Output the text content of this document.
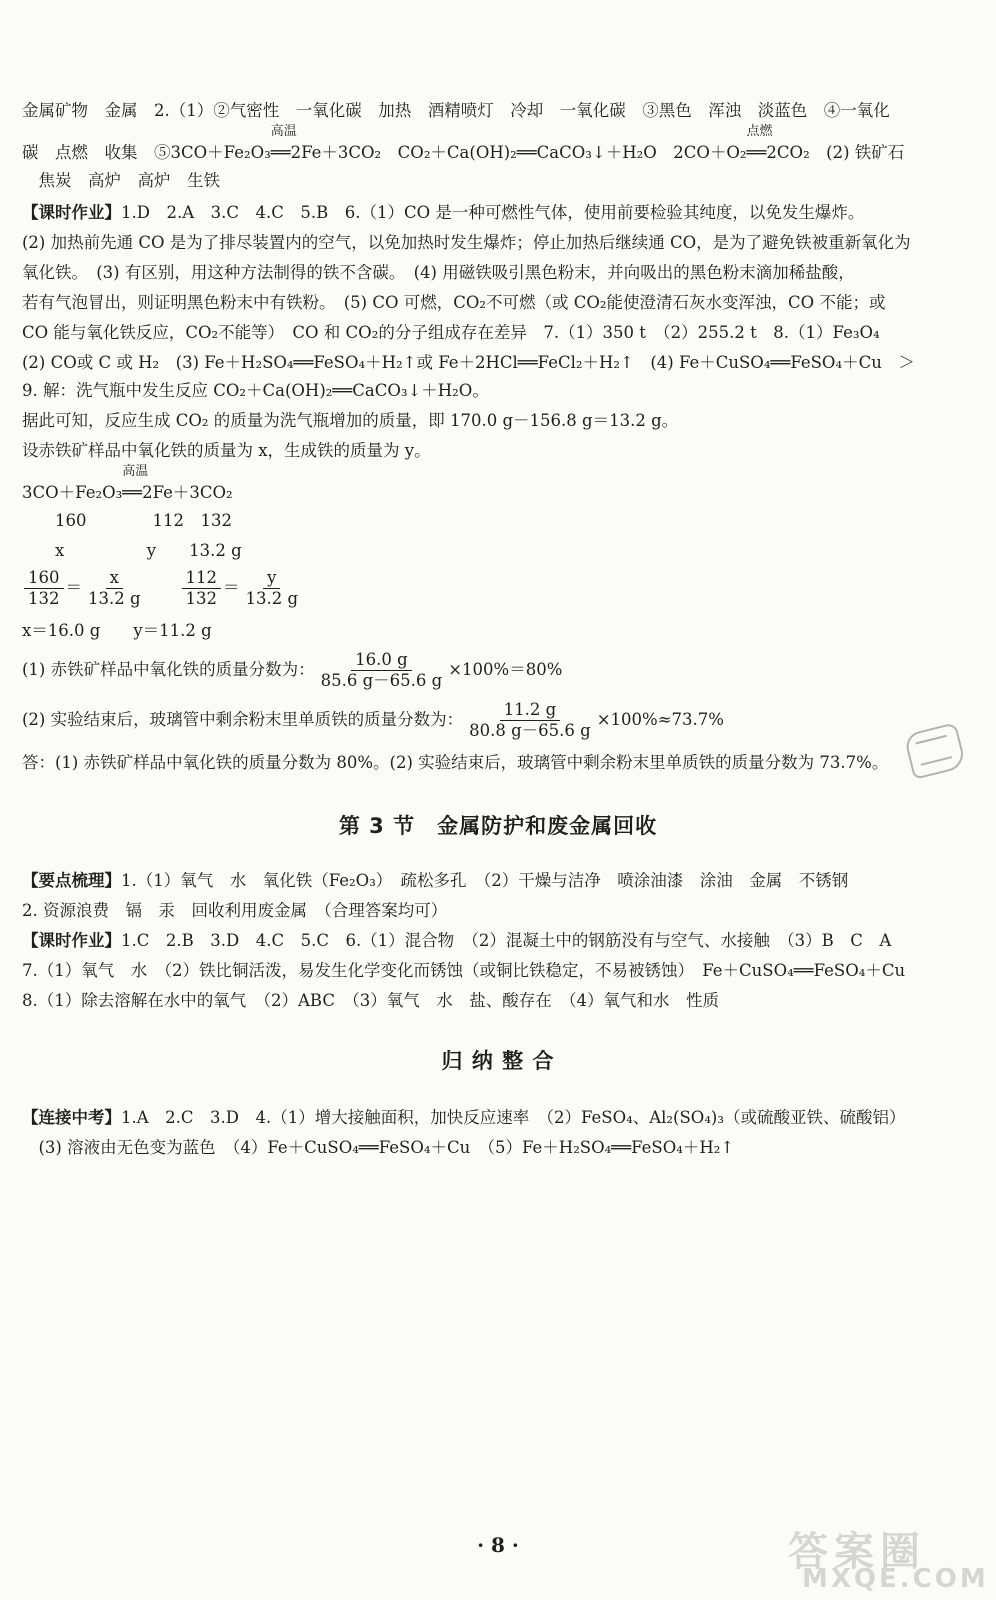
金属矿物　金属　2.（1）②气密性　一氧化碳　加热　酒精喷灯　冷却　一氧化碳　③黑色　浑浊　淡蓝色　④一氧化
碳　点燃　收集　⑤3CO＋Fe₂O₃
高温
══2Fe＋3CO₂　CO₂＋Ca(OH)₂══CaCO₃↓＋H₂O　2CO＋O₂
点燃
══2CO₂　(2) 铁矿石
　焦炭　高炉　高炉　生铁
【课时作业】1.D　2.A　3.C　4.C　5.B　6.（1）CO 是一种可燃性气体，使用前要检验其纯度，以免发生爆炸。
(2) 加热前先通 CO 是为了排尽装置内的空气，以免加热时发生爆炸；停止加热后继续通 CO，是为了避免铁被重新氧化为
氧化铁。　(3) 有区别，用这种方法制得的铁不含碳。　(4) 用磁铁吸引黑色粉末，并向吸出的黑色粉末滴加稀盐酸，
若有气泡冒出，则证明黑色粉末中有铁粉。　(5) CO 可燃，CO₂不可燃（或 CO₂能使澄清石灰水变浑浊，CO 不能；或
CO 能与氧化铁反应，CO₂不能等）　CO 和 CO₂的分子组成存在差异　7.（1）350 t　（2）255.2 t　8.（1）Fe₃O₄
(2) CO或 C 或 H₂　(3) Fe＋H₂SO₄══FeSO₄＋H₂↑或 Fe＋2HCl══FeCl₂＋H₂↑　(4) Fe＋CuSO₄══FeSO₄＋Cu　＞
9. 解：洗气瓶中发生反应 CO₂＋Ca(OH)₂══CaCO₃↓＋H₂O。
据此可知，反应生成 CO₂ 的质量为洗气瓶增加的质量，即 170.0 g－156.8 g＝13.2 g。
设赤铁矿样品中氧化铁的质量为 x，生成铁的质量为 y。
3CO＋Fe₂O₃
高温
══2Fe＋3CO₂
　　160　　　　112　132
　　x　　　　　y　　13.2 g
$\frac{160}{132} = \frac{x}{13.2 g}$
　　 $\frac{112}{132} = \frac{y}{13.2 g}$
x＝16.0 g　　y＝11.2 g
(1) 赤铁矿样品中氧化铁的质量分数为： $\frac{16.0 g}{85.6 g-65.6 g} \times 100\%=80\%$
(2) 实验结束后，玻璃管中剩余粉末里单质铁的质量分数为： $\frac{11.2 g}{80.8 g-65.6 g} \times 100\%\approx 73.7\%$
答：(1) 赤铁矿样品中氧化铁的质量分数为 80%。(2) 实验结束后，玻璃管中剩余粉末里单质铁的质量分数为 73.7%。
第 3 节　金属防护和废金属回收
【要点梳理】1.（1）氧气　水　氧化铁（Fe₂O₃）　疏松多孔　（2）干燥与洁净　喷涂油漆　涂油　金属　不锈钢
2. 资源浪费　镉　汞　回收利用废金属　（合理答案均可）
【课时作业】1.C　2.B　3.D　4.C　5.C　6.（1）混合物　（2）混凝土中的钢筋没有与空气、水接触　（3）B　C　A
7.（1）氧气　水　（2）铁比铜活泼，易发生化学变化而锈蚀（或铜比铁稳定，不易被锈蚀）　Fe＋CuSO₄══FeSO₄＋Cu
8.（1）除去溶解在水中的氧气　（2）ABC　（3）氧气　水　盐、酸存在　（4）氧气和水　性质
归 纳 整 合
【连接中考】1.A　2.C　3.D　4.（1）增大接触面积，加快反应速率　（2）FeSO₄、Al₂(SO₄)₃（或硫酸亚铁、硫酸铝）
　(3) 溶液由无色变为蓝色　（4）Fe＋CuSO₄══FeSO₄＋Cu　（5）Fe＋H₂SO₄══FeSO₄＋H₂↑
· 8 ·	答案圈
MXQE.COM
